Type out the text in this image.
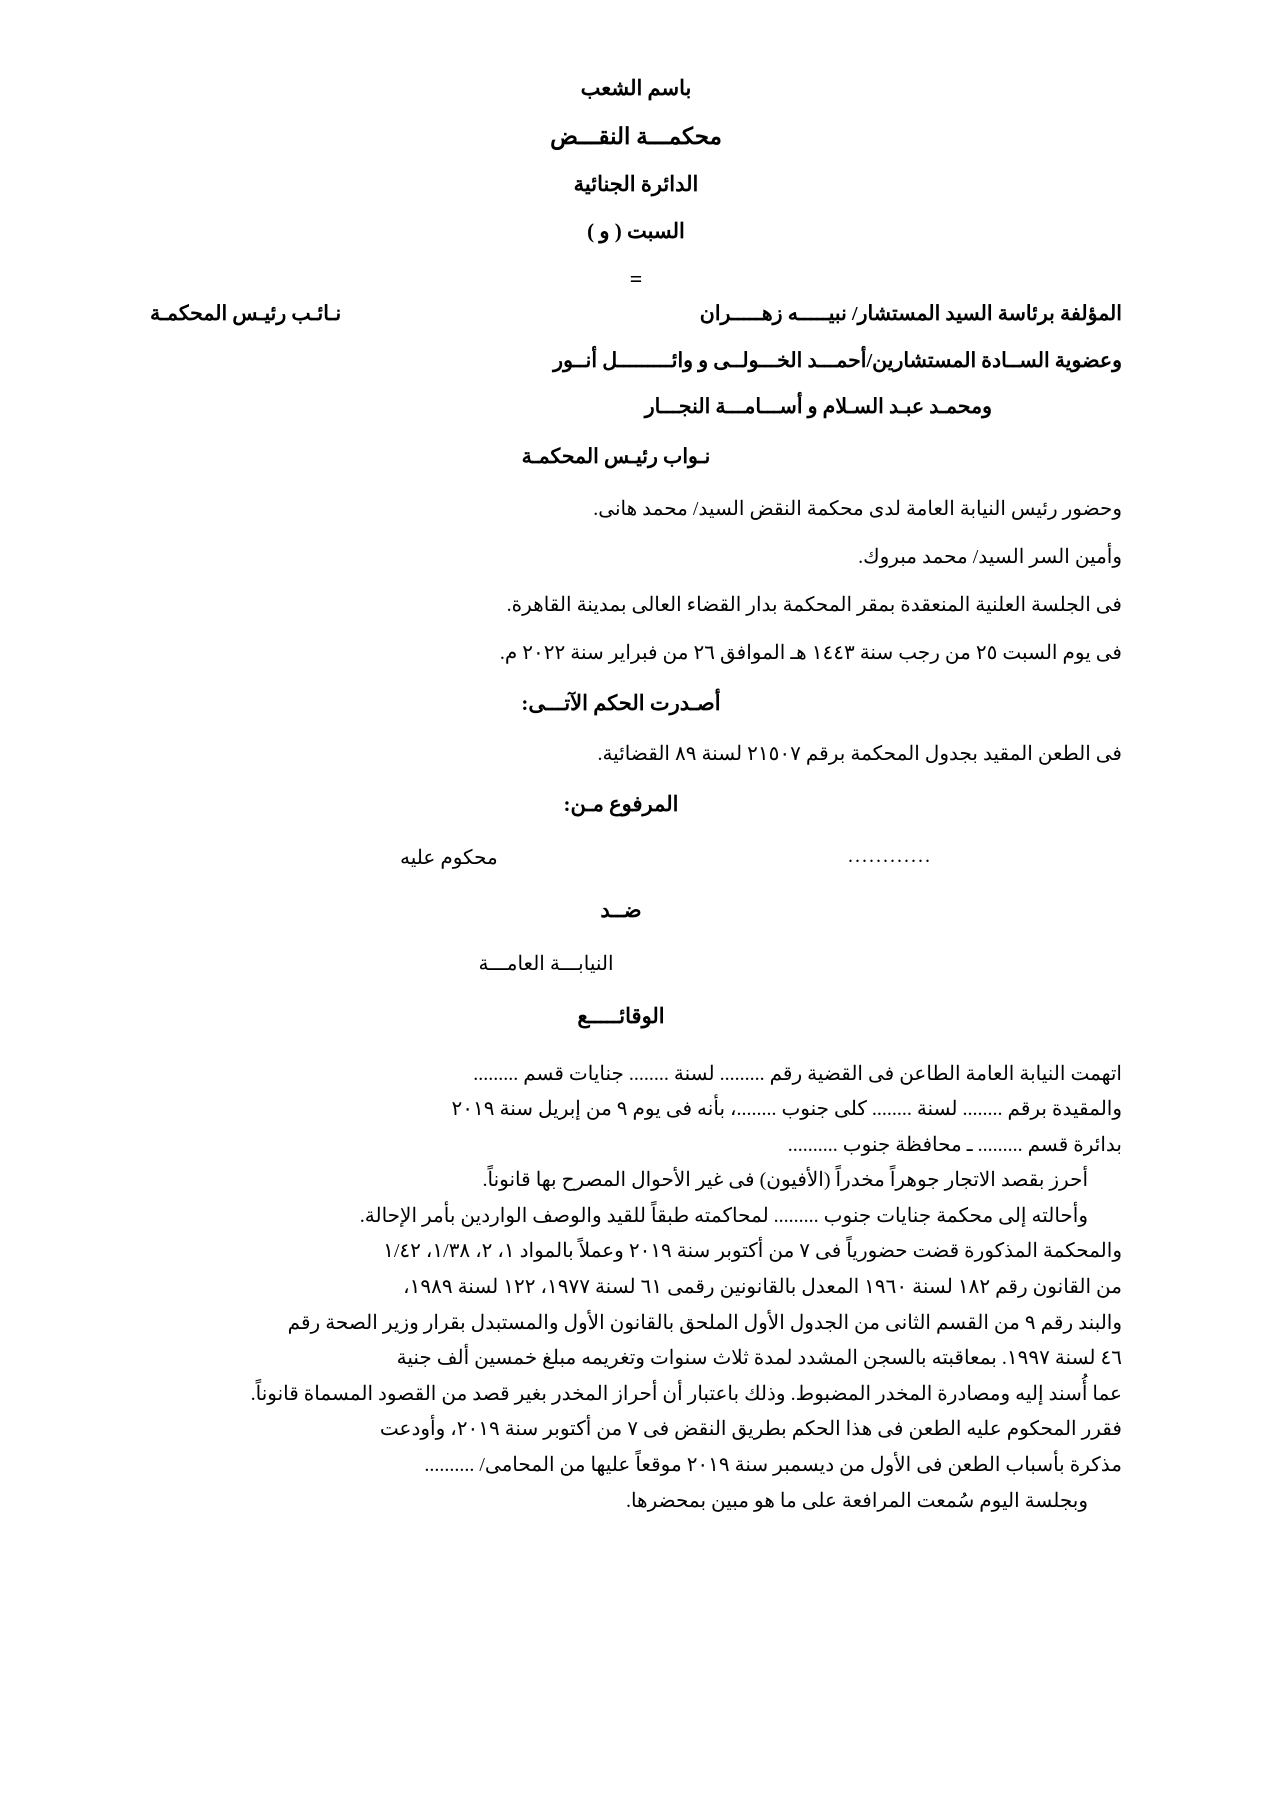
باسم الشعب
محكمـــة النقـــض
الدائرة الجنائية
السبت ( و )
=
المؤلفة برئاسة السيد المستشار/ نبيـــــه زهـــــران
نـائـب رئيـس المحكمـة
وعضوية الســادة المستشارين/أحمـــد الخـــولــى و وائـــــــــل أنــور
ومحمـد عبـد السـلام و أســـامـــة النجـــار
نـواب رئيـس المحكمـة
وحضور رئيس النيابة العامة لدى محكمة النقض السيد/ محمد هانى.
وأمين السر السيد/ محمد مبروك.
فى الجلسة العلنية المنعقدة بمقر المحكمة بدار القضاء العالى بمدينة القاهرة.
فى يوم السبت ٢٥ من رجب سنة ١٤٤٣ هـ الموافق ٢٦ من فبراير سنة ٢٠٢٢ م.
أصـدرت الحكم الآتـــى:
فى الطعن المقيد بجدول المحكمة برقم ٢١٥٠٧ لسنة ٨٩ القضائية.
المرفوع مـن:
............
محكوم عليه
ضــد
النيابـــة العامـــة
الوقائـــــع
اتهمت النيابة العامة الطاعن فى القضية رقم ......... لسنة ........ جنايات قسم .........
والمقيدة برقم ........ لسنة ........ كلى جنوب ........، بأنه فى يوم ٩ من إبريل سنة ٢٠١٩
بدائرة قسم ......... ـ محافظة جنوب ..........
أحرز بقصد الاتجار جوهراً مخدراً (الأفيون) فى غير الأحوال المصرح بها قانوناً.
وأحالته إلى محكمة جنايات جنوب ......... لمحاكمته طبقاً للقيد والوصف الواردين بأمر الإحالة.
والمحكمة المذكورة قضت حضورياً فى ٧ من أكتوبر سنة ٢٠١٩ وعملاً بالمواد ١، ٢، ١/٣٨، ١/٤٢
من القانون رقم ١٨٢ لسنة ١٩٦٠ المعدل بالقانونين رقمى ٦١ لسنة ١٩٧٧، ١٢٢ لسنة ١٩٨٩،
والبند رقم ٩ من القسم الثانى من الجدول الأول الملحق بالقانون الأول والمستبدل بقرار وزير الصحة رقم
٤٦ لسنة ١٩٩٧. بمعاقبته بالسجن المشدد لمدة ثلاث سنوات وتغريمه مبلغ خمسين ألف جنية
عما أُسند إليه ومصادرة المخدر المضبوط. وذلك باعتبار أن أحراز المخدر بغير قصد من القصود المسماة قانوناً.
فقرر المحكوم عليه الطعن فى هذا الحكم بطريق النقض فى ٧ من أكتوبر سنة ٢٠١٩، وأودعت
مذكرة بأسباب الطعن فى الأول من ديسمبر سنة ٢٠١٩ موقعاً عليها من المحامى/ ..........
وبجلسة اليوم سُمعت المرافعة على ما هو مبين بمحضرها.
